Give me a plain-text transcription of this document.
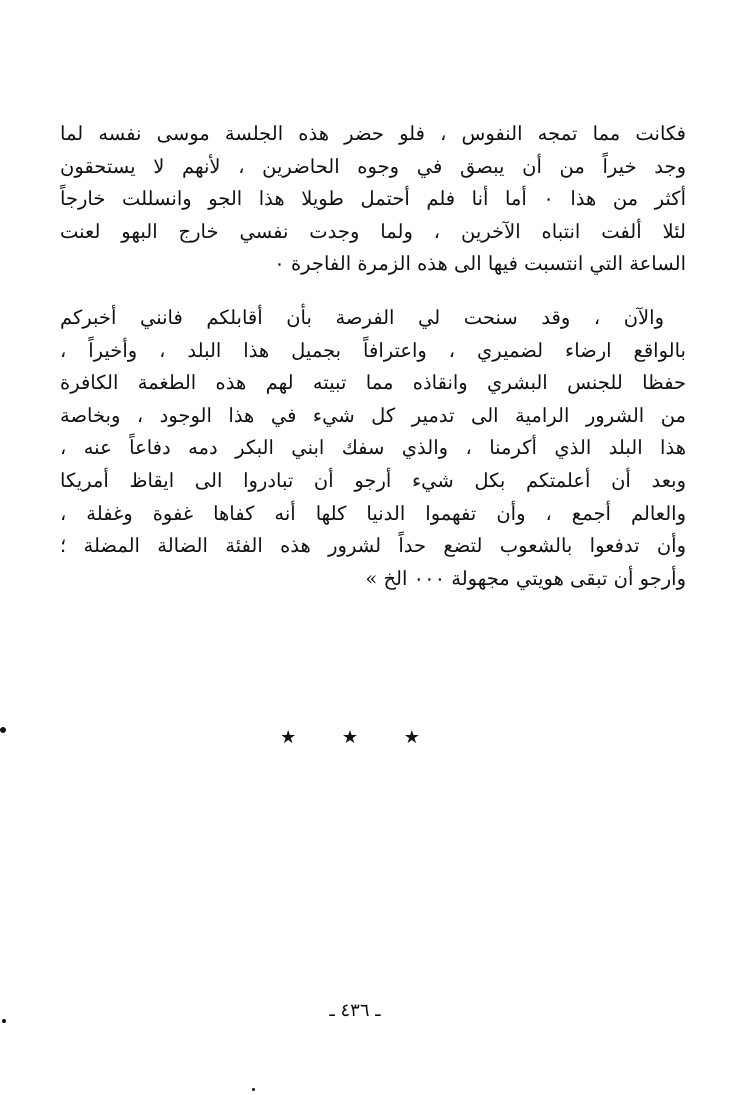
فكانت مما تمجه النفوس ، فلو حضر هذه الجلسة موسى نفسه لما
وجد خيراً من أن يبصق في وجوه الحاضرين ، لأنهم لا يستحقون
أكثر من هذا ٠ أما أنا فلم أحتمل طويلا هذا الجو وانسللت خارجاً
لئلا ألفت انتباه الآخرين ، ولما وجدت نفسي خارج البهو لعنت
الساعة التي انتسبت فيها الى هذه الزمرة الفاجرة ٠
والآن ، وقد سنحت لي الفرصة بأن أقابلكم فانني أخبركم
بالواقع ارضاء لضميري ، واعترافاً بجميل هذا البلد ، وأخيراً ،
حفظا للجنس البشري وانقاذه مما تبيته لهم هذه الطغمة الكافرة
من الشرور الرامية الى تدمير كل شيء في هذا الوجود ، وبخاصة
هذا البلد الذي أكرمنا ، والذي سفك ابني البكر دمه دفاعاً عنه ،
وبعد أن أعلمتكم بكل شيء أرجو أن تبادروا الى ايقاظ أمريكا
والعالم أجمع ، وأن تفهموا الدنيا كلها أنه كفاها غفوة وغفلة ،
وأن تدفعوا بالشعوب لتضع حداً لشرور هذه الفئة الضالة المضلة ؛
وأرجو أن تبقى هويتي مجهولة ٠٠٠ الخ »
★ ★ ★
ـ ٤٣٦ ـ
